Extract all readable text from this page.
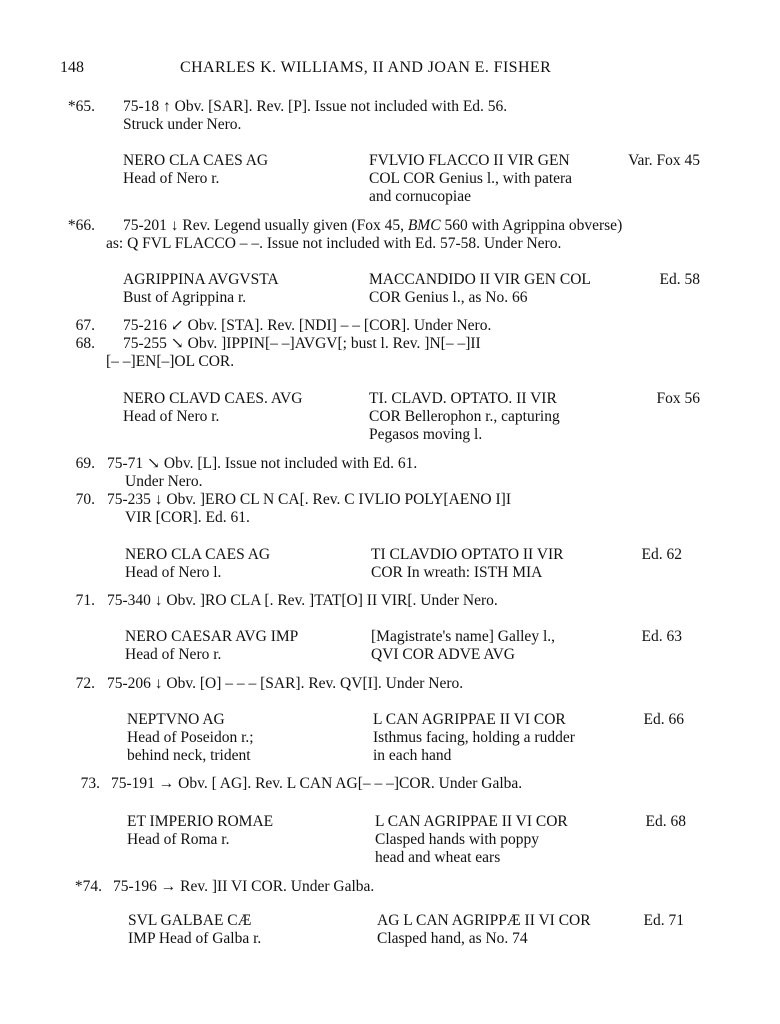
148	CHARLES K. WILLIAMS, II AND JOAN E. FISHER
*65. 75-18 ↑ Obv. [SAR]. Rev. [P]. Issue not included with Ed. 56.
Struck under Nero.
NERO CLA CAES AG
Head of Nero r.
FVLVIO FLACCO II VIR GEN
COL COR Genius l., with patera
and cornucopiae
Var. Fox 45
*66. 75-201 ↓ Rev. Legend usually given (Fox 45, BMC 560 with Agrippina obverse)
as: Q FVL FLACCO – –. Issue not included with Ed. 57-58. Under Nero.
AGRIPPINA AVGVSTA
Bust of Agrippina r.
MACCANDIDO II VIR GEN COL
COR Genius l., as No. 66
Ed. 58
67. 75-216 ↙ Obv. [STA]. Rev. [NDI] – – [COR]. Under Nero.
68. 75-255 ↘ Obv. ]IPPIN[– –]AVGV[; bust l. Rev. ]N[– –]II
[– –]EN[–]OL COR.
NERO CLAVD CAES. AVG
Head of Nero r.
TI. CLAVD. OPTATO. II VIR
COR Bellerophon r., capturing
Pegasos moving l.
Fox 56
69. 75-71 ↘ Obv. [L]. Issue not included with Ed. 61.
Under Nero.
70. 75-235 ↓ Obv. ]ERO CL N CA[. Rev. C IVLIO POLY[AENO I]I
VIR [COR]. Ed. 61.
NERO CLA CAES AG
Head of Nero l.
TI CLAVDIO OPTATO II VIR
COR In wreath: ISTH MIA
Ed. 62
71. 75-340 ↓ Obv. ]RO CLA [. Rev. ]TAT[O] II VIR[. Under Nero.
NERO CAESAR AVG IMP
Head of Nero r.
[Magistrate's name] Galley l.,
QVI COR ADVE AVG
Ed. 63
72. 75-206 ↓ Obv. [O] – – – [SAR]. Rev. QV[I]. Under Nero.
NEPTVNO AG
Head of Poseidon r.;
behind neck, trident
L CAN AGRIPPAE II VI COR
Isthmus facing, holding a rudder
in each hand
Ed. 66
73. 75-191 → Obv. [ AG]. Rev. L CAN AG[– – –]COR. Under Galba.
ET IMPERIO ROMAE
Head of Roma r.
L CAN AGRIPPAE II VI COR
Clasped hands with poppy
head and wheat ears
Ed. 68
*74. 75-196 → Rev. ]II VI COR. Under Galba.
SVL GALBAE CÆ
IMP Head of Galba r.
AG L CAN AGRIPPÆ II VI COR
Clasped hand, as No. 74
Ed. 71
